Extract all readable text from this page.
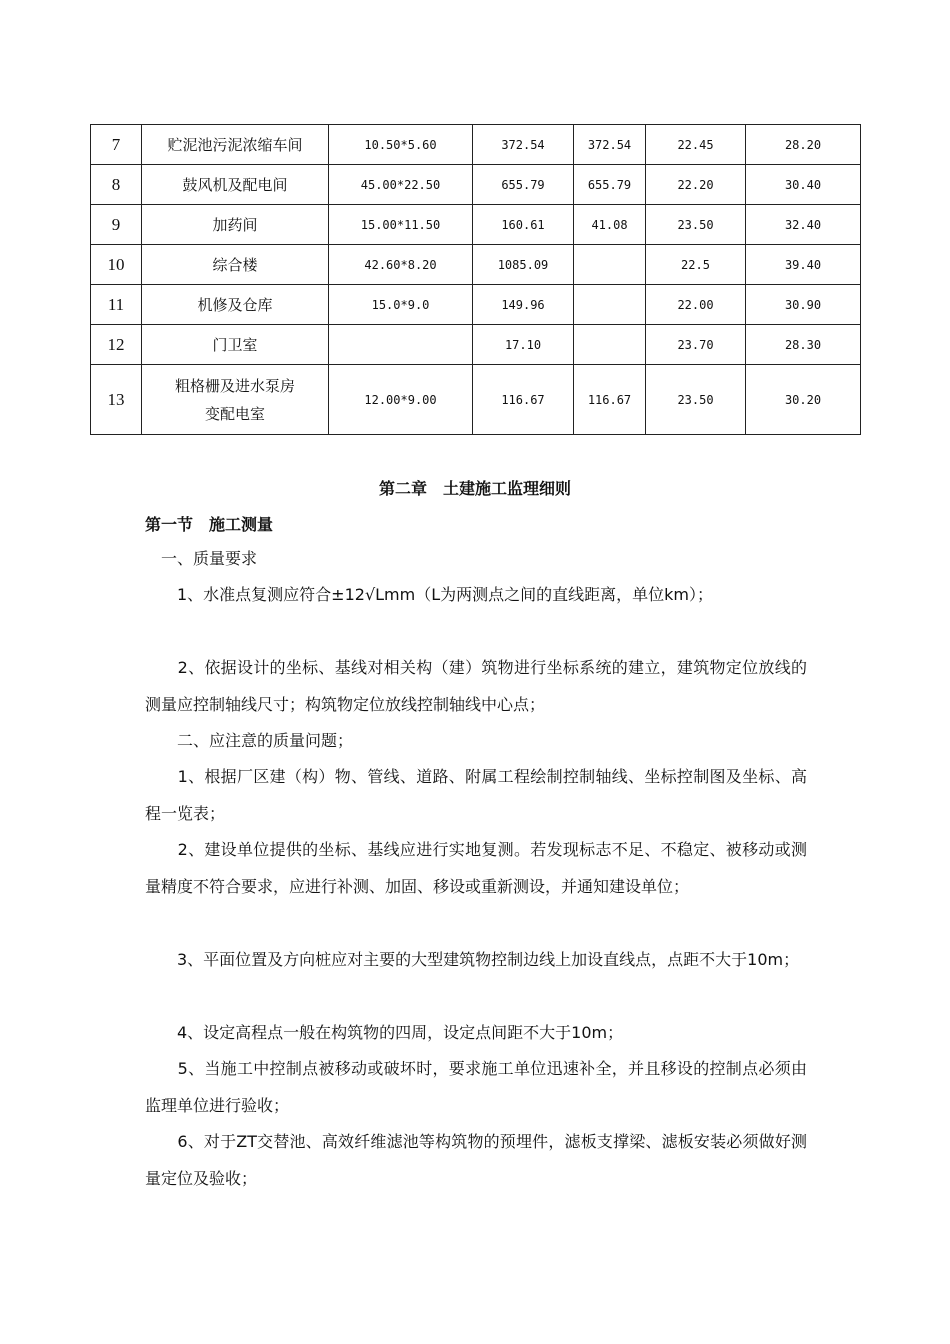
7	贮泥池污泥浓缩车间	10.50*5.60	372.54	372.54	22.45	28.20
8	鼓风机及配电间	45.00*22.50	655.79	655.79	22.20	30.40
9	加药间	15.00*11.50	160.61	41.08	23.50	32.40
10	综合楼	42.60*8.20	1085.09		22.5	39.40
11	机修及仓库	15.0*9.0	149.96		22.00	30.90
12	门卫室		17.10		23.70	28.30
13	粗格栅及进水泵房
变配电室	12.00*9.00	116.67	116.67	23.50	30.20
第二章　土建施工监理细则
第一节　施工测量
　一、质量要求
　　1、水准点复测应符合±12√Lmm（L为两测点之间的直线距离，单位km）；
　　2、依据设计的坐标、基线对相关构（建）筑物进行坐标系统的建立，建筑物定位放线的测量应控制轴线尺寸；构筑物定位放线控制轴线中心点；
　　二、应注意的质量问题；
　　1、根据厂区建（构）物、管线、道路、附属工程绘制控制轴线、坐标控制图及坐标、高程一览表；
　　2、建设单位提供的坐标、基线应进行实地复测。若发现标志不足、不稳定、被移动或测量精度不符合要求，应进行补测、加固、移设或重新测设，并通知建设单位；
　　3、平面位置及方向桩应对主要的大型建筑物控制边线上加设直线点，点距不大于10m；
　　4、设定高程点一般在构筑物的四周，设定点间距不大于10m；
　　5、当施工中控制点被移动或破坏时，要求施工单位迅速补全，并且移设的控制点必须由监理单位进行验收；
　　6、对于ZT交替池、高效纤维滤池等构筑物的预埋件，滤板支撑梁、滤板安装必须做好测量定位及验收；
